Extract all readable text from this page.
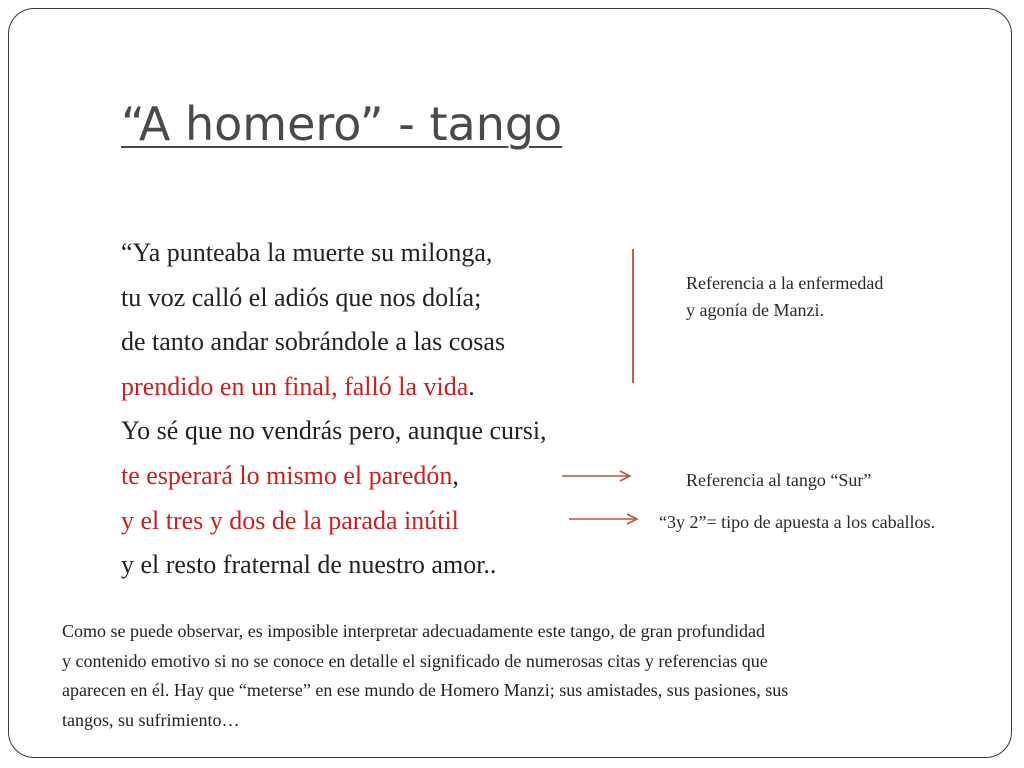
“A homero” - tango
“Ya punteaba la muerte su milonga,
tu voz calló el adiós que nos dolía;
de tanto andar sobrándole a las cosas
prendido en un final, falló la vida.
Yo sé que no vendrás pero, aunque cursi,
te esperará lo mismo el paredón,
y el tres y dos de la parada inútil
y el resto fraternal de nuestro amor..
Referencia a la enfermedad
y agonía de Manzi.
Referencia al tango “Sur”
“3y 2”= tipo de apuesta a los caballos.
Como se puede observar, es imposible interpretar adecuadamente este tango, de gran profundidad
y contenido emotivo si no se conoce en detalle el significado de numerosas citas y referencias que
aparecen en él. Hay que “meterse” en ese mundo de Homero Manzi; sus amistades, sus pasiones, sus
tangos, su sufrimiento…
